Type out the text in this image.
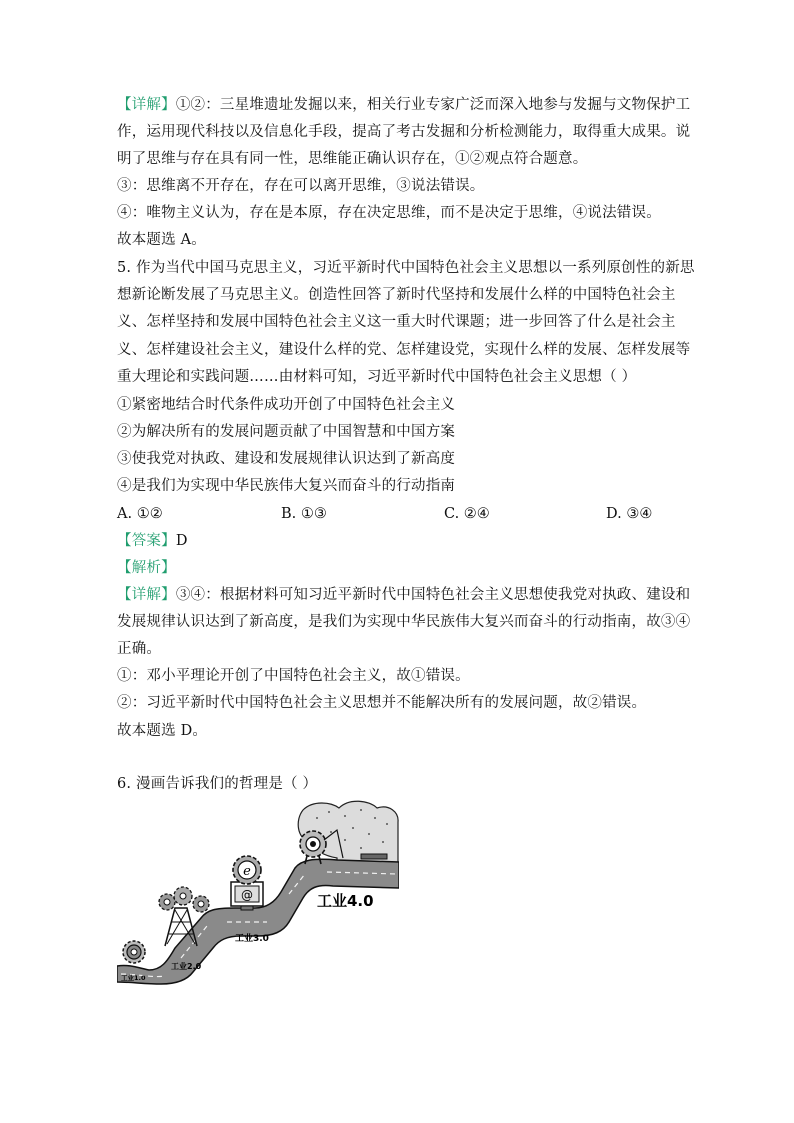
【详解】①②：三星堆遗址发掘以来，相关行业专家广泛而深入地参与发掘与文物保护工
作，运用现代科技以及信息化手段，提高了考古发掘和分析检测能力，取得重大成果。说
明了思维与存在具有同一性，思维能正确认识存在，①②观点符合题意。
③：思维离不开存在，存在可以离开思维，③说法错误。
④：唯物主义认为，存在是本原，存在决定思维，而不是决定于思维，④说法错误。
故本题选 A。
5. 作为当代中国马克思主义，习近平新时代中国特色社会主义思想以一系列原创性的新思
想新论断发展了马克思主义。创造性回答了新时代坚持和发展什么样的中国特色社会主
义、怎样坚持和发展中国特色社会主义这一重大时代课题；进一步回答了什么是社会主
义、怎样建设社会主义，建设什么样的党、怎样建设党，实现什么样的发展、怎样发展等
重大理论和实践问题……由材料可知，习近平新时代中国特色社会主义思想（ ）
①紧密地结合时代条件成功开创了中国特色社会主义
②为解决所有的发展问题贡献了中国智慧和中国方案
③使我党对执政、建设和发展规律认识达到了新高度
④是我们为实现中华民族伟大复兴而奋斗的行动指南
A. ①②	B. ①③	C. ②④	D. ③④
【答案】D
【解析】
【详解】③④：根据材料可知习近平新时代中国特色社会主义思想使我党对执政、建设和
发展规律认识达到了新高度，是我们为实现中华民族伟大复兴而奋斗的行动指南，故③④
正确。
①：邓小平理论开创了中国特色社会主义，故①错误。
②：习近平新时代中国特色社会主义思想并不能解决所有的发展问题，故②错误。
故本题选 D。
6. 漫画告诉我们的哲理是（ ）
@
e
工业1.0
工业2.0
工业3.0
工业4.0
